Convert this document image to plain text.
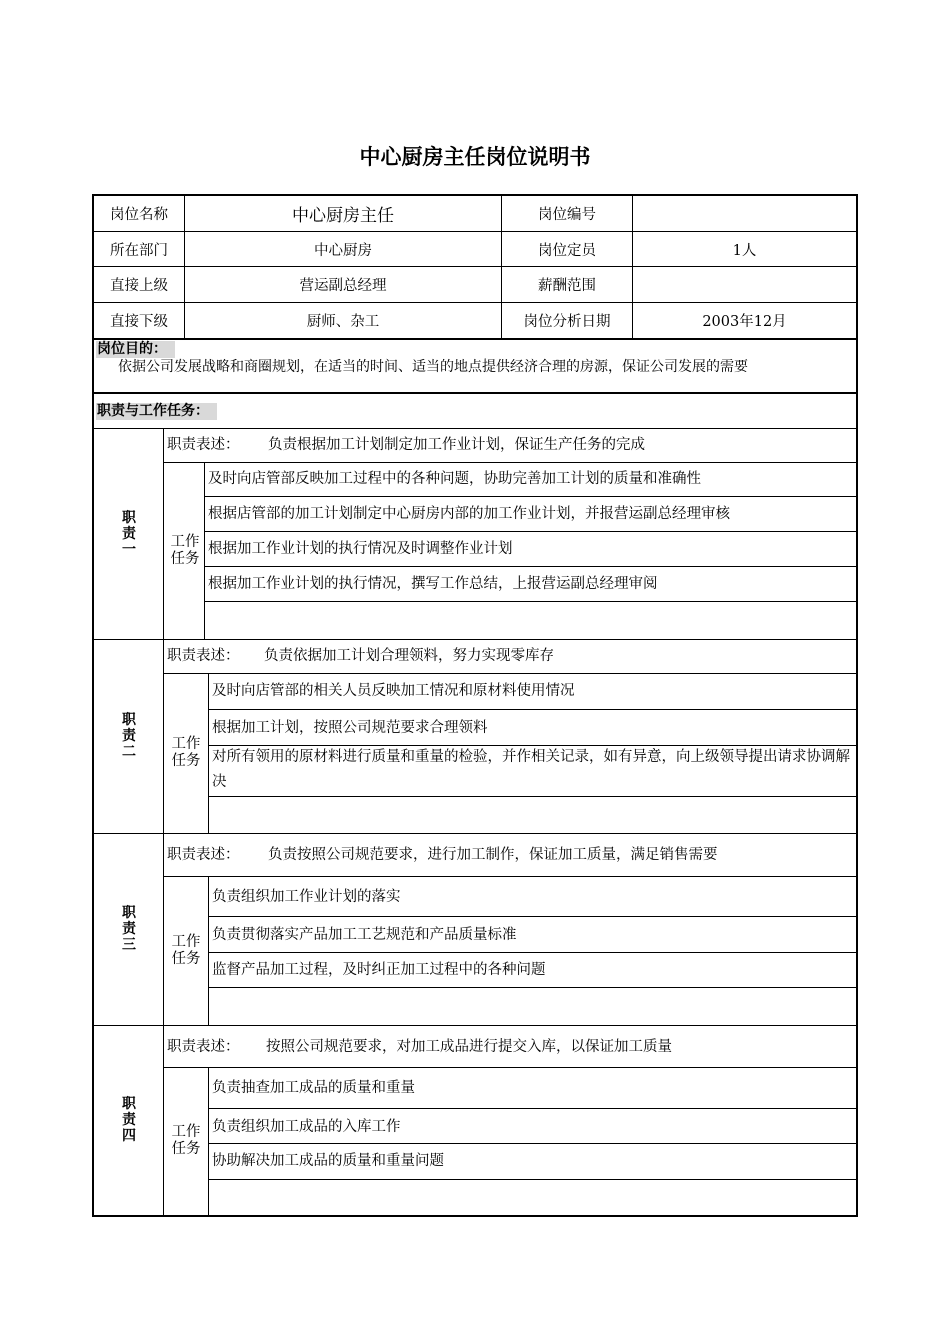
中心厨房主任岗位说明书
岗位名称	中心厨房主任	岗位编号
所在部门	中心厨房	岗位定员	1人
直接上级	营运副总经理	薪酬范围
直接下级	厨师、杂工	岗位分析日期	2003年12月
岗位目的：
依据公司发展战略和商圈规划，在适当的时间、适当的地点提供经济合理的房源，保证公司发展的需要
职责与工作任务：
职责一
职责表述： 负责根据加工计划制定加工作业计划，保证生产任务的完成
工作任务
及时向店管部反映加工过程中的各种问题，协助完善加工计划的质量和准确性
根据店管部的加工计划制定中心厨房内部的加工作业计划，并报营运副总经理审核
根据加工作业计划的执行情况及时调整作业计划
根据加工作业计划的执行情况，撰写工作总结，上报营运副总经理审阅
职责二
职责表述： 负责依据加工计划合理领料，努力实现零库存
工作任务
及时向店管部的相关人员反映加工情况和原材料使用情况
根据加工计划，按照公司规范要求合理领料
对所有领用的原材料进行质量和重量的检验，并作相关记录，如有异意，向上级领导提出请求协调解决
职责三
职责表述： 负责按照公司规范要求，进行加工制作，保证加工质量，满足销售需要
工作任务
负责组织加工作业计划的落实
负责贯彻落实产品加工工艺规范和产品质量标准
监督产品加工过程，及时纠正加工过程中的各种问题
职责四
职责表述： 按照公司规范要求，对加工成品进行提交入库，以保证加工质量
工作任务
负责抽查加工成品的质量和重量
负责组织加工成品的入库工作
协助解决加工成品的质量和重量问题
